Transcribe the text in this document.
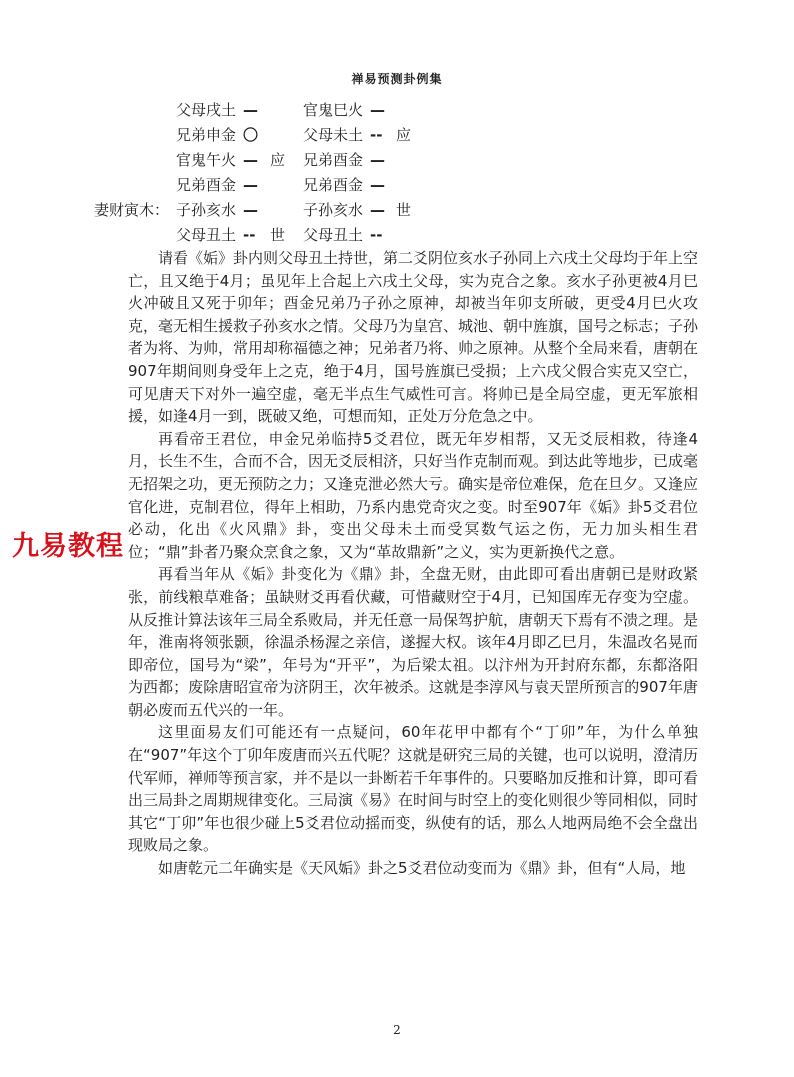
禅易预测卦例集
父母戌土 —	官鬼巳火 —
兄弟申金 〇	父母未土 -- 应
官鬼午火 — 应 兄弟酉金 —
兄弟酉金 —	兄弟酉金 —
妻财寅木： 子孙亥水 —	子孙亥水 — 世
父母丑土 -- 世 父母丑土 --

请看《姤》卦内则父母丑土持世，第二爻阴位亥水子孙同上六戌土父母均于年上空亡，且又绝于4月；虽见年上合起上六戌土父母，实为克合之象。亥水子孙更被4月巳火冲破且又死于卯年；酉金兄弟乃子孙之原神，却被当年卯支所破，更受4月巳火攻克，毫无相生援救子孙亥水之情。父母乃为皇宫、城池、朝中旌旗，国号之标志；子孙者为将、为帅，常用却称福德之神；兄弟者乃将、帅之原神。从整个全局来看，唐朝在907年期间则身受年上之克，绝于4月，国号旌旗已受损；上六戌父假合实克又空亡，可见唐天下对外一遍空虚，毫无半点生气威性可言。将帅已是全局空虚，更无军旅相援，如逢4月一到，既破又绝，可想而知，正处万分危急之中。

再看帝王君位，申金兄弟临持5爻君位，既无年岁相帮，又无爻辰相救，待逢4月，长生不生，合而不合，因无爻辰相济，只好当作克制而观。到达此等地步，已成毫无招架之功，更无预防之力；又逢克泄必然大亏。确实是帝位难保，危在旦夕。又逢应官化进，克制君位，得年上相助，乃系内患党奇灾之变。时至907年《姤》卦5爻君位必动，化出《火风鼎》卦，变出父母未土而受冥数气运之伤，无力加头相生君位；“鼎”卦者乃聚众烹食之象，又为“革故鼎新”之义，实为更新换代之意。

再看当年从《姤》卦变化为《鼎》卦，全盘无财，由此即可看出唐朝已是财政紧张，前线粮草难备；虽缺财爻再看伏藏，可惜藏财空于4月，已知国库无存变为空虚。从反推计算法该年三局全系败局，并无任意一局保驾护航，唐朝天下焉有不溃之理。是年，淮南将领张颢，徐温杀杨渥之亲信，遂握大权。该年4月即乙巳月，朱温改名晃而即帝位，国号为“梁”，年号为“开平”，为后梁太祖。以汴州为开封府东都，东都洛阳为西都；废除唐昭宣帝为济阴王，次年被杀。这就是李淳风与袁天罡所预言的907年唐朝必废而五代兴的一年。

这里面易友们可能还有一点疑问，60年花甲中都有个“丁卯”年，为什么单独在“907”年这个丁卯年废唐而兴五代呢？这就是研究三局的关键，也可以说明，澄清历代军师，禅师等预言家，并不是以一卦断若千年事件的。只要略加反推和计算，即可看出三局卦之周期规律变化。三局演《易》在时间与时空上的变化则很少等同相似，同时其它“丁卯”年也很少碰上5爻君位动摇而变，纵使有的话，那么人地两局绝不会全盘出现败局之象。

如唐乾元二年确实是《天风姤》卦之5爻君位动变而为《鼎》卦，但有“人局，地

九易教程
2
